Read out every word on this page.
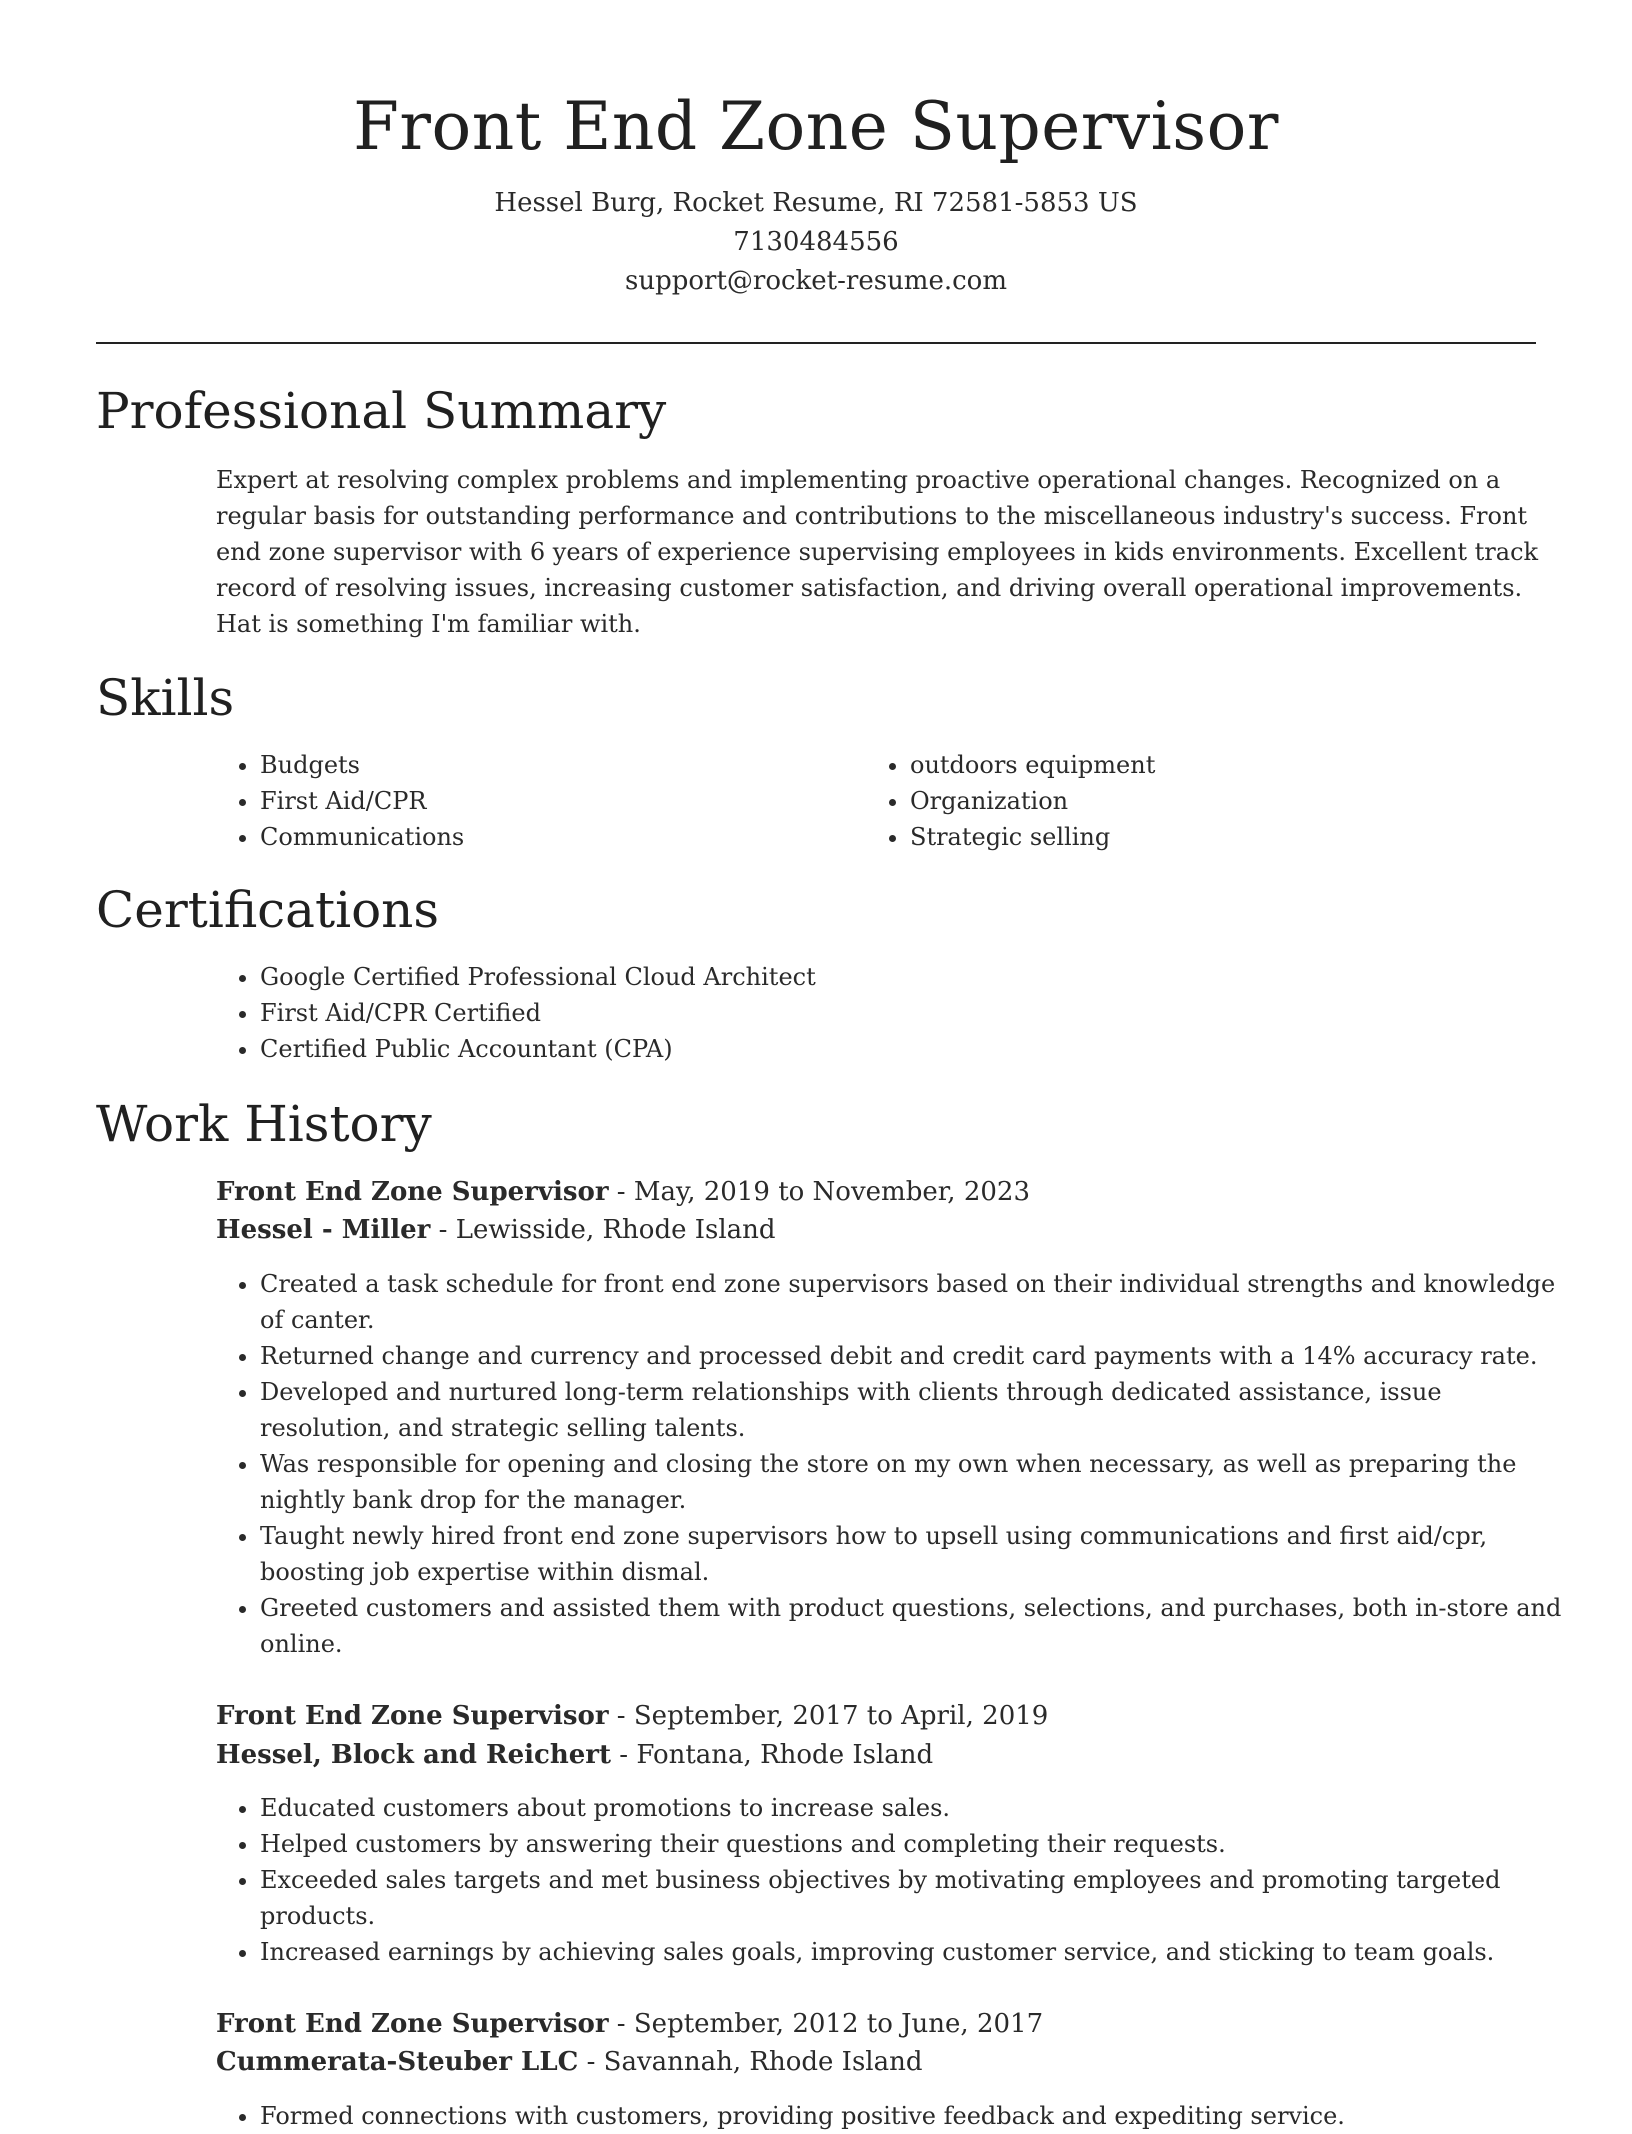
Front End Zone Supervisor

Hessel Burg, Rocket Resume, RI 72581-5853 US

7130484556

support@rocket-resume.com

Professional Summary

Expert at resolving complex problems and implementing proactive operational changes. Recognized on a regular basis for outstanding performance and contributions to the miscellaneous industry's success. Front end zone supervisor with 6 years of experience supervising employees in kids environments. Excellent track record of resolving issues, increasing customer satisfaction, and driving overall operational improvements. Hat is something I'm familiar with.

Skills
• Budgets
• First Aid/CPR
• Communications
• outdoors equipment
• Organization
• Strategic selling
Certifications
• Google Certified Professional Cloud Architect
• First Aid/CPR Certified
• Certified Public Accountant (CPA)
Work History

Front End Zone Supervisor - May, 2019 to November, 2023

Hessel - Miller - Lewisside, Rhode Island

• Created a task schedule for front end zone supervisors based on their individual strengths and knowledge of canter.
• Returned change and currency and processed debit and credit card payments with a 14% accuracy rate.
• Developed and nurtured long-term relationships with clients through dedicated assistance, issue resolution, and strategic selling talents.
• Was responsible for opening and closing the store on my own when necessary, as well as preparing the nightly bank drop for the manager.
• Taught newly hired front end zone supervisors how to upsell using communications and first aid/cpr, boosting job expertise within dismal.
• Greeted customers and assisted them with product questions, selections, and purchases, both in-store and online.

Front End Zone Supervisor - September, 2017 to April, 2019

Hessel, Block and Reichert - Fontana, Rhode Island

• Educated customers about promotions to increase sales.
• Helped customers by answering their questions and completing their requests.
• Exceeded sales targets and met business objectives by motivating employees and promoting targeted products.
• Increased earnings by achieving sales goals, improving customer service, and sticking to team goals.

Front End Zone Supervisor - September, 2012 to June, 2017

Cummerata-Steuber LLC - Savannah, Rhode Island

• Formed connections with customers, providing positive feedback and expediting service.
